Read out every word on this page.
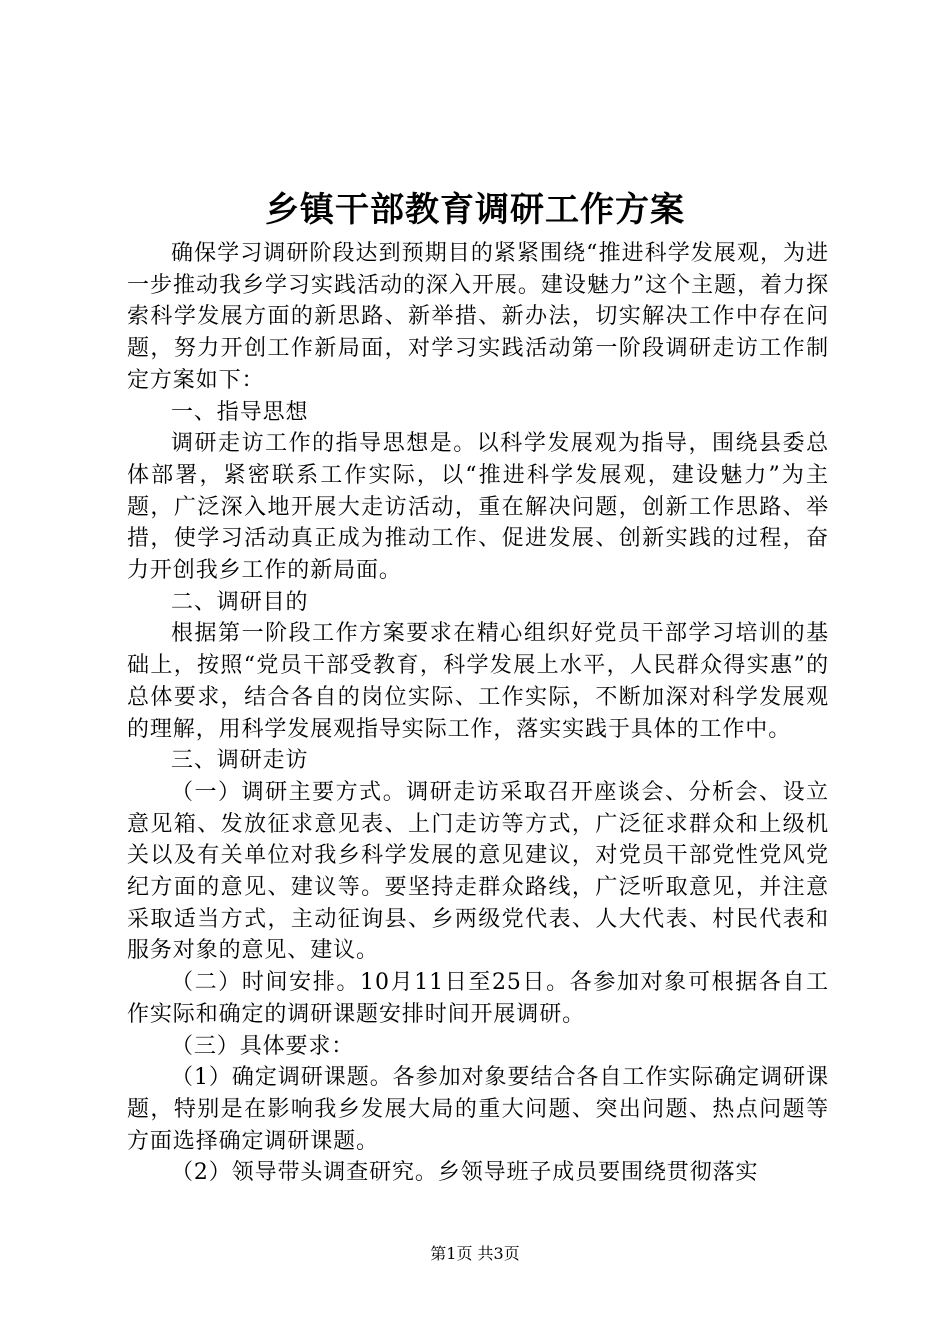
乡镇干部教育调研工作方案

确保学习调研阶段达到预期目的紧紧围绕“推进科学发展观，为进一步推动我乡学习实践活动的深入开展。建设魅力”这个主题，着力探索科学发展方面的新思路、新举措、新办法，切实解决工作中存在问题，努力开创工作新局面，对学习实践活动第一阶段调研走访工作制定方案如下：

一、指导思想

调研走访工作的指导思想是。以科学发展观为指导，围绕县委总体部署，紧密联系工作实际，以“推进科学发展观，建设魅力”为主题，广泛深入地开展大走访活动，重在解决问题，创新工作思路、举措，使学习活动真正成为推动工作、促进发展、创新实践的过程，奋力开创我乡工作的新局面。

二、调研目的

根据第一阶段工作方案要求在精心组织好党员干部学习培训的基础上，按照“党员干部受教育，科学发展上水平，人民群众得实惠”的总体要求，结合各自的岗位实际、工作实际，不断加深对科学发展观的理解，用科学发展观指导实际工作，落实实践于具体的工作中。

三、调研走访

（一）调研主要方式。调研走访采取召开座谈会、分析会、设立意见箱、发放征求意见表、上门走访等方式，广泛征求群众和上级机关以及有关单位对我乡科学发展的意见建议，对党员干部党性党风党纪方面的意见、建议等。要坚持走群众路线，广泛听取意见，并注意采取适当方式，主动征询县、乡两级党代表、人大代表、村民代表和服务对象的意见、建议。

（二）时间安排。10月11日至25日。各参加对象可根据各自工作实际和确定的调研课题安排时间开展调研。

（三）具体要求：

（1）确定调研课题。各参加对象要结合各自工作实际确定调研课题，特别是在影响我乡发展大局的重大问题、突出问题、热点问题等方面选择确定调研课题。

（2）领导带头调查研究。乡领导班子成员要围绕贯彻落实

第1页 共3页
